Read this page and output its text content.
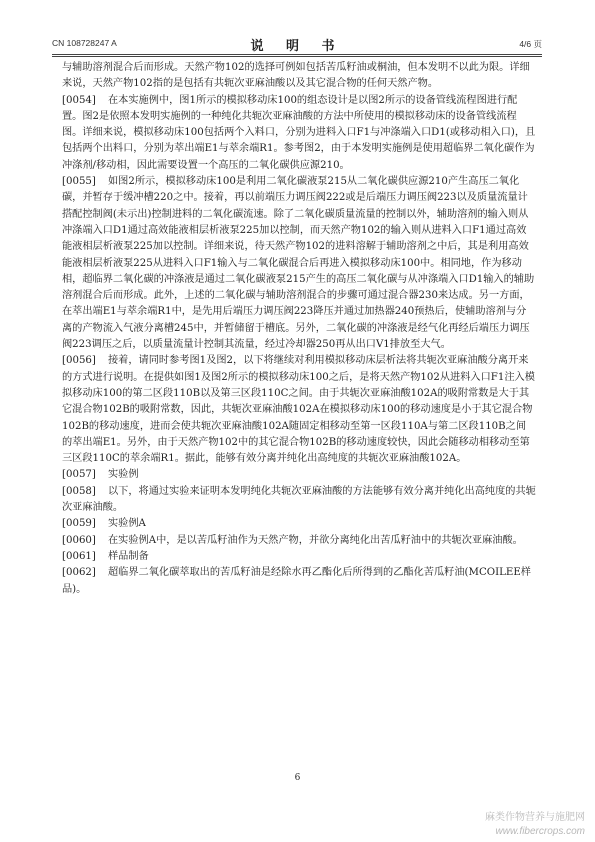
CN 108728247 A	说 明 书	4/6 页

与辅助溶剂混合后而形成。天然产物102的选择可例如包括苦瓜籽油或桐油，但本发明不以此为限。详细来说，天然产物102指的是包括有共轭次亚麻油酸以及其它混合物的任何天然产物。

[0054] 在本实施例中，图1所示的模拟移动床100的组态设计是以图2所示的设备管线流程图进行配置。图2是依照本发明实施例的一种纯化共轭次亚麻油酸的方法中所使用的模拟移动床的设备管线流程图。详细来说，模拟移动床100包括两个入料口，分别为进料入口F1与冲涤端入口D1(或移动相入口)，且包括两个出料口，分别为萃出端E1与萃余端R1。参考图2，由于本发明实施例是使用超临界二氧化碳作为冲涤剂/移动相，因此需要设置一个高压的二氧化碳供应源210。

[0055] 如图2所示，模拟移动床100是利用二氧化碳液泵215从二氧化碳供应源210产生高压二氧化碳，并暂存于缓冲槽220之中。接着，再以前端压力调压阀222或是后端压力调压阀223以及质量流量计搭配控制阀(未示出)控制进料的二氧化碳流速。除了二氧化碳质量流量的控制以外，辅助溶剂的输入则从冲涤端入口D1通过高效能液相层析液泵225加以控制，而天然产物102的输入则从进料入口F1通过高效能液相层析液泵225加以控制。详细来说，待天然产物102的进料溶解于辅助溶剂之中后，其是利用高效能液相层析液泵225从进料入口F1输入与二氧化碳混合后再进入模拟移动床100中。相同地，作为移动相，超临界二氧化碳的冲涤液是通过二氧化碳液泵215产生的高压二氧化碳与从冲涤端入口D1输入的辅助溶剂混合后而形成。此外，上述的二氧化碳与辅助溶剂混合的步骤可通过混合器230来达成。另一方面，在萃出端E1与萃余端R1中，是先用后端压力调压阀223降压并通过加热器240预热后，使辅助溶剂与分离的产物流入气液分离槽245中，并暂储留于槽底。另外，二氧化碳的冲涤液是经气化再经后端压力调压阀223调压之后，以质量流量计控制其流量，经过冷却器250再从出口V1排放至大气。

[0056] 接着，请同时参考图1及图2，以下将继续对利用模拟移动床层析法将共轭次亚麻油酸分离开来的方式进行说明。在提供如图1及图2所示的模拟移动床100之后，是将天然产物102从进料入口F1注入模拟移动床100的第二区段110B以及第三区段110C之间。由于共轭次亚麻油酸102A的吸附常数是大于其它混合物102B的吸附常数，因此，共轭次亚麻油酸102A在模拟移动床100的移动速度是小于其它混合物102B的移动速度，进而会使共轭次亚麻油酸102A随固定相移动至第一区段110A与第二区段110B之间的萃出端E1。另外，由于天然产物102中的其它混合物102B的移动速度较快，因此会随移动相移动至第三区段110C的萃余端R1。据此，能够有效分离并纯化出高纯度的共轭次亚麻油酸102A。

[0057] 实验例

[0058] 以下，将通过实验来证明本发明纯化共轭次亚麻油酸的方法能够有效分离并纯化出高纯度的共轭次亚麻油酸。

[0059] 实验例A

[0060] 在实验例A中，是以苦瓜籽油作为天然产物，并欲分离纯化出苦瓜籽油中的共轭次亚麻油酸。

[0061] 样品制备

[0062] 超临界二氧化碳萃取出的苦瓜籽油是经除水再乙酯化后所得到的乙酯化苦瓜籽油(MCOILEE样品)。

6
麻类作物营养与施肥网
www.fibercrops.com
